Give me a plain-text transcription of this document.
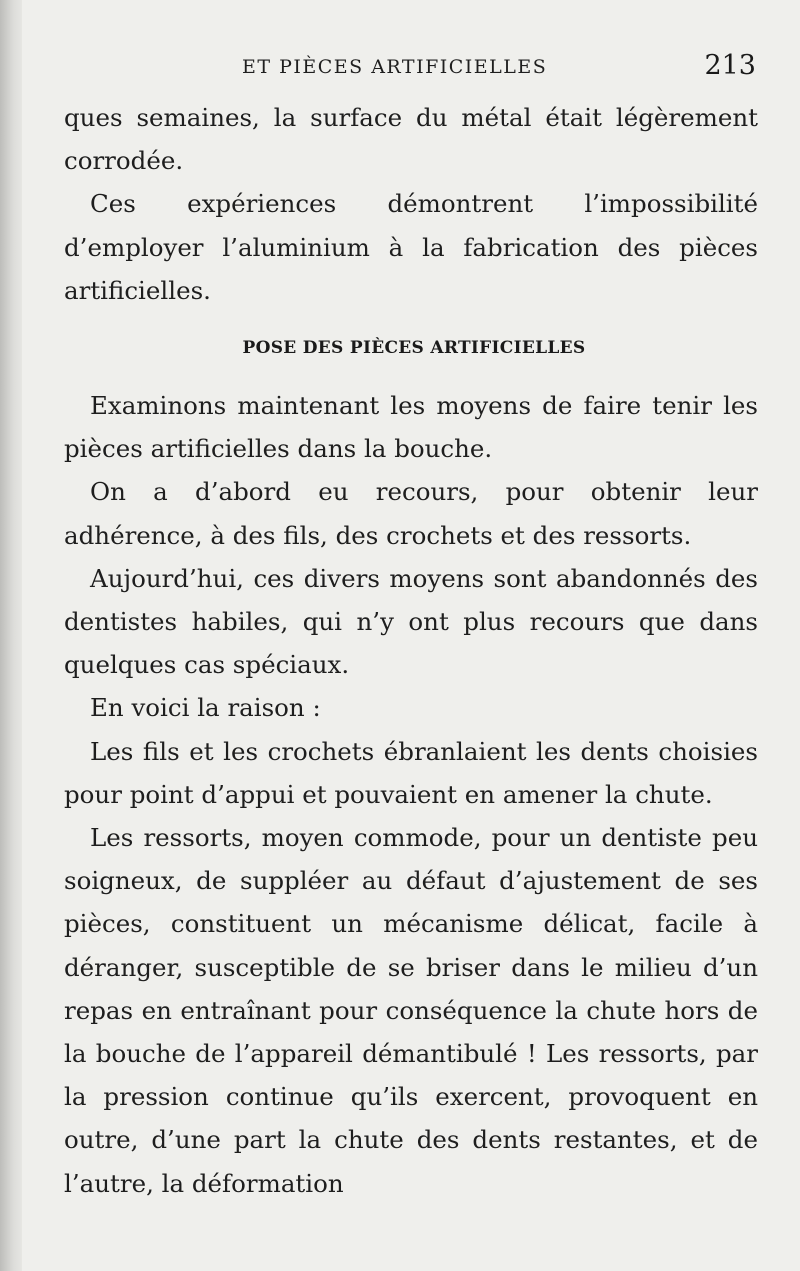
ET PIÈCES ARTIFICIELLES	213

ques semaines, la surface du métal était légèrement corrodée.

Ces expériences démontrent l’impossibilité d’employer l’aluminium à la fabrication des pièces artificielles.

POSE DES PIÈCES ARTIFICIELLES

Examinons maintenant les moyens de faire tenir les pièces artificielles dans la bouche.

On a d’abord eu recours, pour obtenir leur adhérence, à des fils, des crochets et des ressorts.

Aujourd’hui, ces divers moyens sont abandonnés des dentistes habiles, qui n’y ont plus recours que dans quelques cas spéciaux.

En voici la raison :

Les fils et les crochets ébranlaient les dents choisies pour point d’appui et pouvaient en amener la chute.

Les ressorts, moyen commode, pour un dentiste peu soigneux, de suppléer au défaut d’ajustement de ses pièces, constituent un mécanisme délicat, facile à déranger, susceptible de se briser dans le milieu d’un repas en entraînant pour conséquence la chute hors de la bouche de l’appareil démantibulé ! Les ressorts, par la pression continue qu’ils exercent, provoquent en outre, d’une part la chute des dents restantes, et de l’autre, la déformation
